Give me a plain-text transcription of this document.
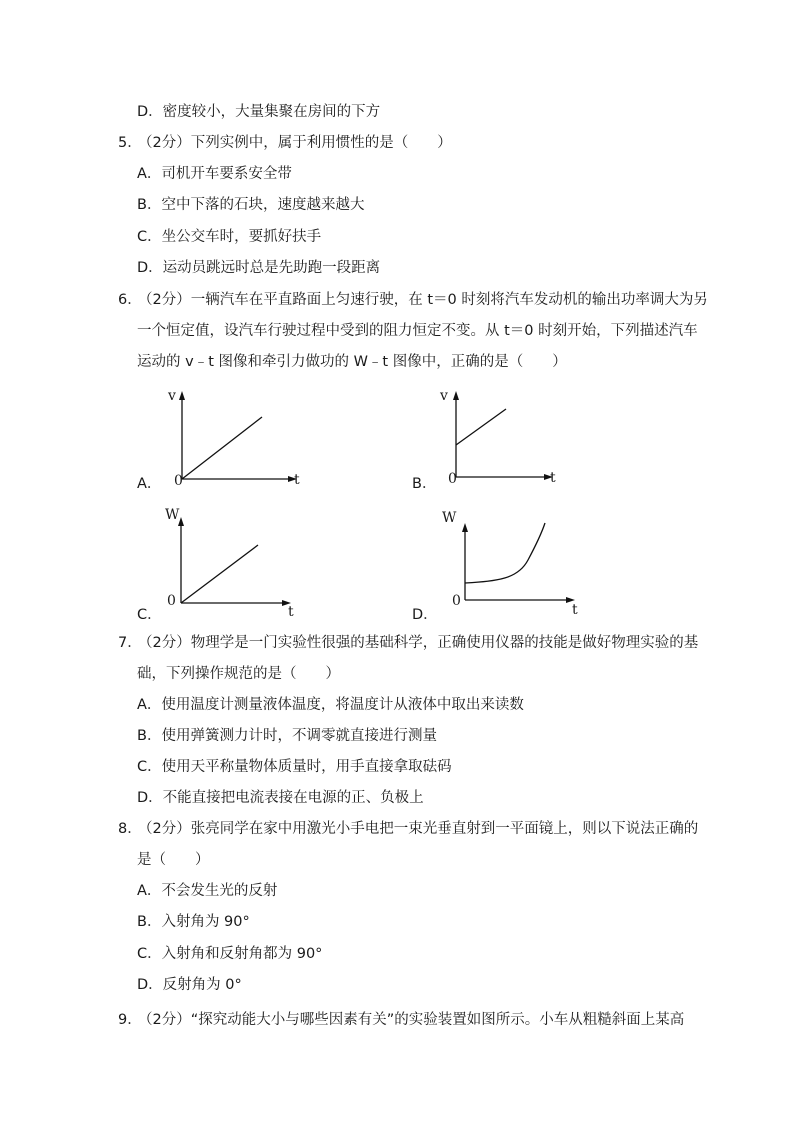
D．密度较小，大量集聚在房间的下方
5．
（2分）下列实例中，属于利用惯性的是（　　）
A．司机开车要系安全带
B．空中下落的石块，速度越来越大
C．坐公交车时，要抓好扶手
D．运动员跳远时总是先助跑一段距离
6．
（2分）一辆汽车在平直路面上匀速行驶，在 t＝0 时刻将汽车发动机的输出功率调大为另
一个恒定值，设汽车行驶过程中受到的阻力恒定不变。从 t＝0 时刻开始，下列描述汽车
运动的 v﹣t 图像和牵引力做功的 W﹣t 图像中，正确的是（　　）
A．
v
0	t	B．
v
0	t
C．
W
0
t	D．
W
0
t
7．
（2分）物理学是一门实验性很强的基础科学，正确使用仪器的技能是做好物理实验的基
础，下列操作规范的是（　　）
A．使用温度计测量液体温度，将温度计从液体中取出来读数
B．使用弹簧测力计时，不调零就直接进行测量
C．使用天平称量物体质量时，用手直接拿取砝码
D．不能直接把电流表接在电源的正、负极上
8．
（2分）张亮同学在家中用激光小手电把一束光垂直射到一平面镜上，则以下说法正确的
是（　　）
A．不会发生光的反射
B．入射角为 90°
C．入射角和反射角都为 90°
D．反射角为 0°
9．
（2分）“探究动能大小与哪些因素有关”的实验装置如图所示。小车从粗糙斜面上某高
